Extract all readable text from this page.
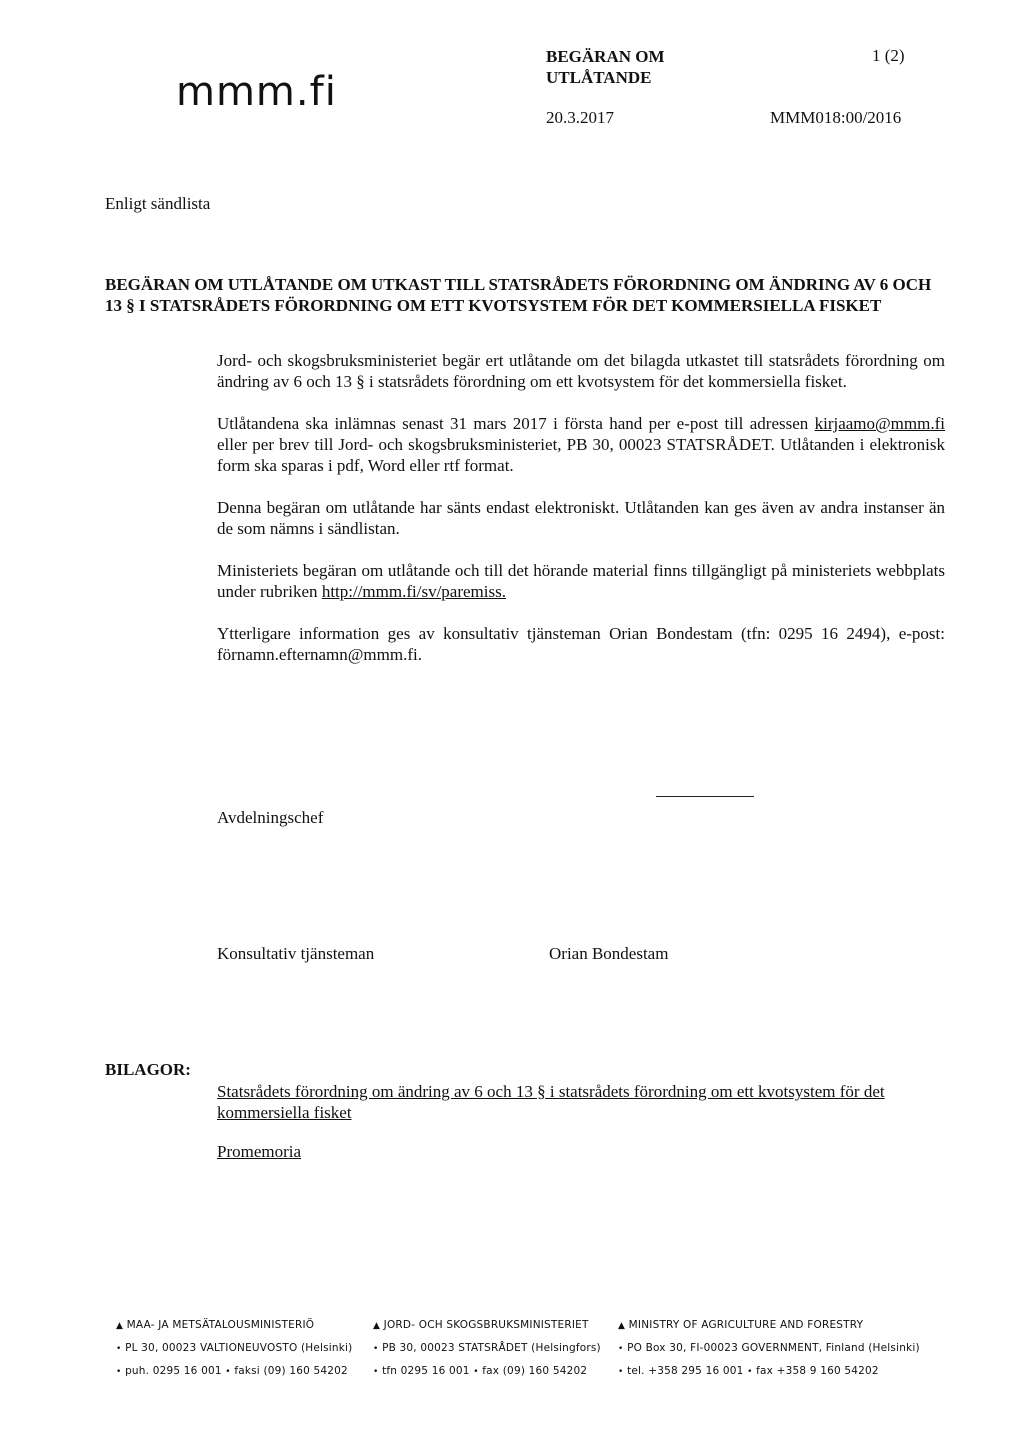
mmm.fi
BEGÄRAN OM UTLÅTANDE
1 (2)
20.3.2017	MMM018:00/2016
Enligt sändlista
BEGÄRAN OM UTLÅTANDE OM UTKAST TILL STATSRÅDETS FÖRORDNING OM ÄNDRING AV 6 OCH 13 § I STATSRÅDETS FÖRORDNING OM ETT KVOTSYSTEM FÖR DET KOMMERSIELLA FISKET

Jord- och skogsbruksministeriet begär ert utlåtande om det bilagda utkastet till statsrådets förordning om ändring av 6 och 13 § i statsrådets förordning om ett kvotsystem för det kommersiella fisket.

Utlåtandena ska inlämnas senast 31 mars 2017 i första hand per e-post till adressen kirjaamo@mmm.fi eller per brev till Jord- och skogsbruksministeriet, PB 30, 00023 STATSRÅDET. Utlåtanden i elektronisk form ska sparas i pdf, Word eller rtf format.

Denna begäran om utlåtande har sänts endast elektroniskt. Utlåtanden kan ges även av andra instanser än de som nämns i sändlistan.

Ministeriets begäran om utlåtande och till det hörande material finns tillgängligt på ministeriets webbplats under rubriken http://mmm.fi/sv/paremiss.

Ytterligare information ges av konsultativ tjänsteman Orian Bondestam (tfn: 0295 16 2494), e-post: förnamn.efternamn@mmm.fi.

Avdelningschef
Konsultativ tjänsteman	Orian Bondestam
BILAGOR:
Statsrådets förordning om ändring av 6 och 13 § i statsrådets förordning om ett kvotsystem för det kommersiella fisket
Promemoria
▲ MAA- JA METSÄTALOUSMINISTERIÖ
• PL 30, 00023 VALTIONEUVOSTO (Helsinki)
• puh. 0295 16 001 • faksi (09) 160 54202
▲ JORD- OCH SKOGSBRUKSMINISTERIET
• PB 30, 00023 STATSRÅDET (Helsingfors)
• tfn 0295 16 001 • fax (09) 160 54202
▲ MINISTRY OF AGRICULTURE AND FORESTRY
• PO Box 30, FI-00023 GOVERNMENT, Finland (Helsinki)
• tel. +358 295 16 001 • fax +358 9 160 54202
